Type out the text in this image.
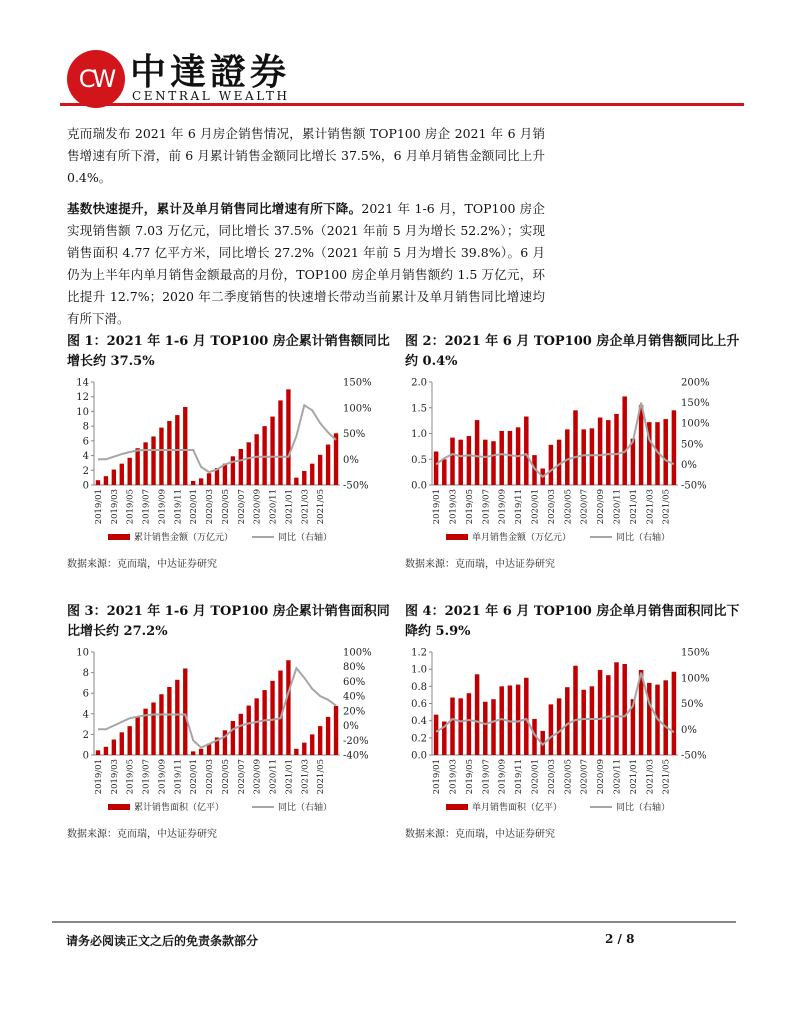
CW 中達證券
CENTRAL WEALTH
克而瑞发布 2021 年 6 月房企销售情况，累计销售额 TOP100 房企 2021 年 6 月销售增速有所下滑，前 6 月累计销售金额同比增长 37.5%，6 月单月销售金额同比上升 0.4%。
基数快速提升，累计及单月销售同比增速有所下降。2021 年 1-6 月，TOP100 房企实现销售额 7.03 万亿元，同比增长 37.5%（2021 年前 5 月为增长 52.2%）；实现销售面积 4.77 亿平方米，同比增长 27.2%（2021 年前 5 月为增长 39.8%）。6 月仍为上半年内单月销售金额最高的月份，TOP100 房企单月销售额约 1.5 万亿元，环比提升 12.7%；2020 年二季度销售的快速增长带动当前累计及单月销售同比增速均有所下滑。
图 1：2021 年 1-6 月 TOP100 房企累计销售额同比增长约 37.5%
图 2：2021 年 6 月 TOP100 房企单月销售额同比上升约 0.4%
0
2
4
6
8
10
12
14
-50%
0%
50%
100%
150%
2019/01 2019/03 2019/05 2019/07 2019/09 2019/11 2020/01 2020/03 2020/05 2020/07 2020/09 2020/11 2021/01 2021/03 2021/05
累计销售金额（万亿元）	同比（右轴）
0.0
0.5
1.0
1.5
2.0
-50%
0%
50%
100%
150%
200%
2019/01 2019/03 2019/05 2019/07 2019/09 2019/11 2020/01 2020/03 2020/05 2020/07 2020/09 2020/11 2021/01 2021/03 2021/05
单月销售金额（万亿元）	同比（右轴）
数据来源：克而瑞，中达证券研究	数据来源：克而瑞，中达证券研究
图 3：2021 年 1-6 月 TOP100 房企累计销售面积同比增长约 27.2%
图 4：2021 年 6 月 TOP100 房企单月销售面积同比下降约 5.9%
0
2
4
6
8
10
-40%
-20%
0%
20%
40%
60%
80%
100%
2019/01 2019/03 2019/05 2019/07 2019/09 2019/11 2020/01 2020/03 2020/05 2020/07 2020/09 2020/11 2021/01 2021/03 2021/05
累计销售面积（亿平）	同比（右轴）
0.0
0.2
0.4
0.6
0.8
1.0
1.2
-50%
0%
50%
100%
150%
2019/01 2019/03 2019/05 2019/07 2019/09 2019/11 2020/01 2020/03 2020/05 2020/07 2020/09 2020/11 2021/01 2021/03 2021/05
单月销售面积（亿平）	同比（右轴）
数据来源：克而瑞，中达证券研究	数据来源：克而瑞，中达证券研究
请务必阅读正文之后的免责条款部分	2 / 8
